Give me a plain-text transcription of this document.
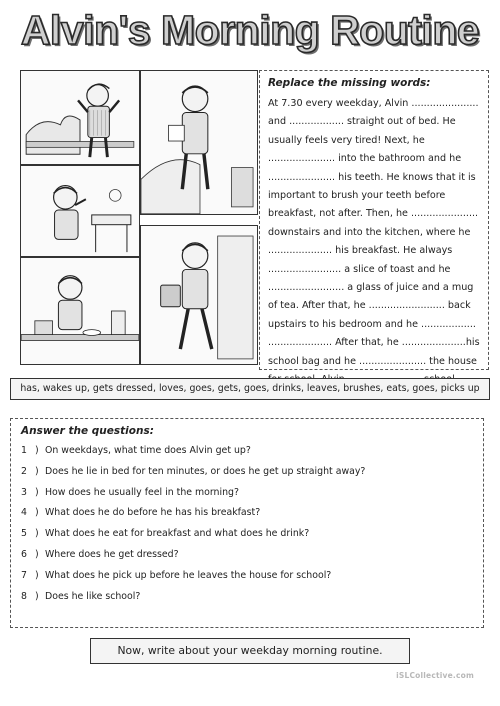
Alvin's Morning Routine
Replace the missing words:
At 7.30 every weekday, Alvin ......................
and .................. straight out of bed. He
usually feels very tired! Next, he
...................... into the bathroom and he
...................... his teeth. He knows that it is
important to brush your teeth before
breakfast, not after. Then, he ......................
downstairs and into the kitchen, where he
..................... his breakfast. He always
........................ a slice of toast and he
......................... a glass of juice and a mug
of tea. After that, he ......................... back
upstairs to his bedroom and he ..................
..................... After that, he .....................his
school bag and he ...................... the house
has, wakes up, gets dressed, loves, goes, gets, goes, drinks, leaves, brushes, eats, goes, picks up
Answer the questions:
1 ) On weekdays, what time does Alvin get up?
2 ) Does he lie in bed for ten minutes, or does he get up straight away?
3 ) How does he usually feel in the morning?
4 ) What does he do before he has his breakfast?
5 ) What does he eat for breakfast and what does he drink?
6 ) Where does he get dressed?
7 ) What does he pick up before he leaves the house for school?
8 ) Does he like school?
Now, write about your weekday morning routine.
iSLCollective.com
